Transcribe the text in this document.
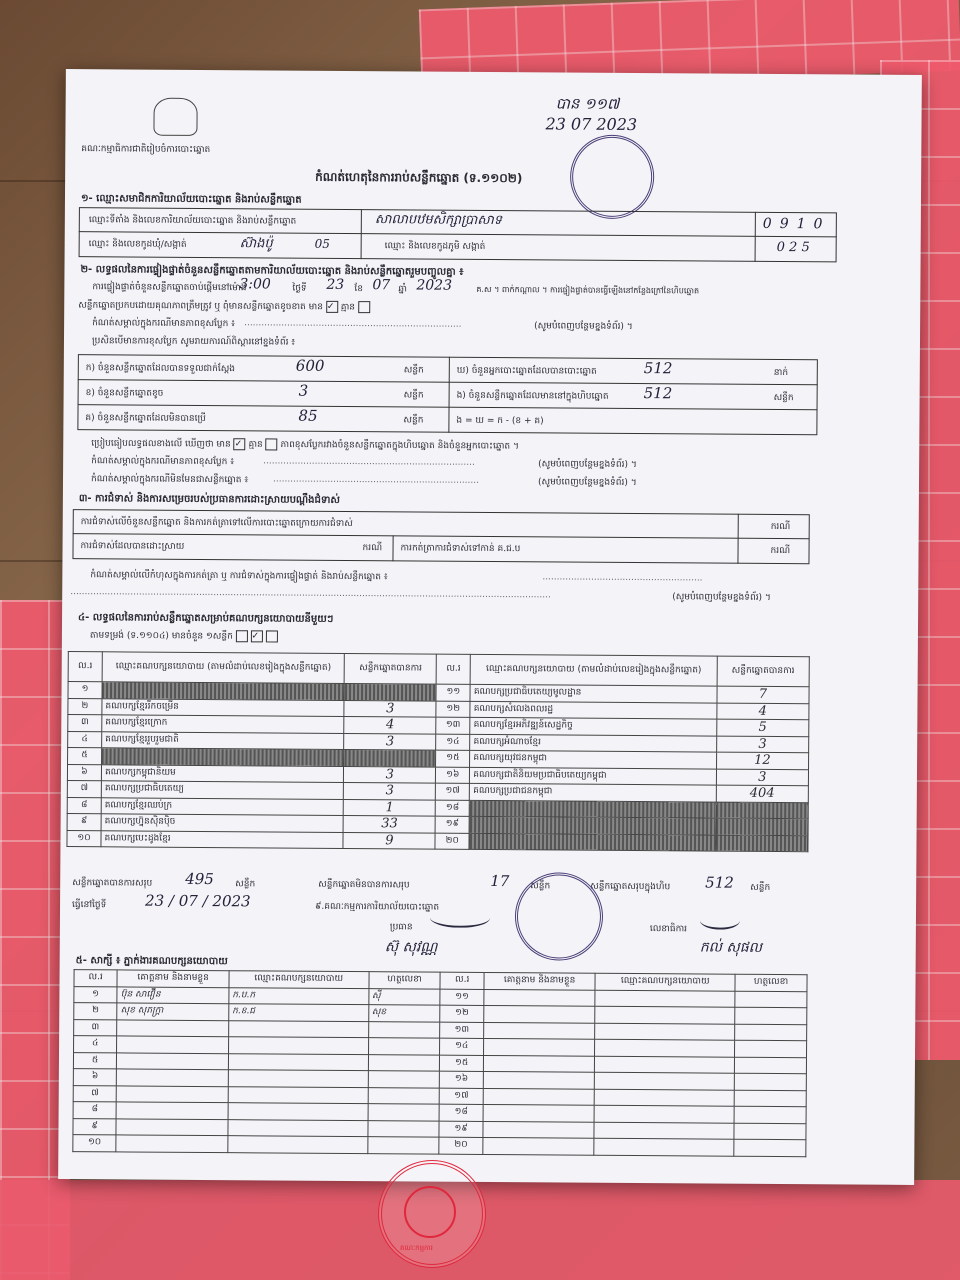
គណៈកម្មាធិការជាតិរៀបចំការបោះឆ្នោត
បាន ១១៧
23 07 2023
កំណត់ហេតុនៃការរាប់សន្លឹកឆ្នោត (ទ.១១០២)
១- ឈ្មោះសមាជិកការិយាល័យបោះឆ្នោត និងរាប់សន្លឹកឆ្នោត
ឈ្មោះទីតាំង និងលេខការិយាល័យបោះឆ្នោត និងរាប់សន្លឹកឆ្នោត	សាលាបឋមសិក្សាប្រាសាទ
ឈ្មោះ និងលេខកូដឃុំ/សង្កាត់	ស៊ាងប៉ូ	05	ឈ្មោះ និងលេខកូដភូមិ សង្កាត់
0910
0 2 5
២- លទ្ធផលនៃការផ្ទៀងផ្ទាត់ចំនួនសន្លឹកឆ្នោតតាមការិយាល័យបោះឆ្នោត និងរាប់សន្លឹកឆ្នោតរួមបញ្ចូលគ្នា ៖
ការផ្ទៀងផ្ទាត់ចំនួនសន្លឹកឆ្នោតចាប់ផ្តើមនៅម៉ោង
3:00 ថ្ងៃទី 23 ខែ 07 ឆ្នាំ 2023	គ.ស ។ ពាក់កណ្ដាល ។ ការផ្ទៀងផ្ទាត់បានធ្វើឡើងនៅកន្លែងក្រៅនៃហិបឆ្នោត
សន្លឹកឆ្នោតប្រកបដោយគុណភាពត្រឹមត្រូវ ឬ ពុំមានសន្លឹកឆ្នោតខូចខាត មាន ✓ គ្មាន
កំណត់សម្គាល់ក្នុងករណីមានភាពខុសប្លែក ៖ ............................................................................	(សូមបំពេញបន្ថែមខ្នងទំព័រ) ។
ប្រសិនបើមានការខុសប្លែក សូមរាយការណ៍ពិស្ដារនៅខ្នងទំព័រ ៖
ក) ចំនួនសន្លឹកឆ្នោតដែលបានទទួលជាក់ស្តែង	600	សន្លឹក
ខ) ចំនួនសន្លឹកឆ្នោតខូច	3	សន្លឹក
គ) ចំនួនសន្លឹកឆ្នោតដែលមិនបានប្រើ	85	សន្លឹក
ឃ) ចំនួនអ្នកបោះឆ្នោតដែលបានបោះឆ្នោត	512	នាក់
ង) ចំនួនសន្លឹកឆ្នោតដែលមាននៅក្នុងហិបឆ្នោត 512	សន្លឹក
ង = ឃ = ក - (ខ + គ)
ប្រៀបធៀបលទ្ធផលខាងលើ ឃើញថា មាន ✓ គ្មាន ភាពខុសប្លែករវាងចំនួនសន្លឹកឆ្នោតក្នុងហិបឆ្នោត និងចំនួនអ្នកបោះឆ្នោត ។
កំណត់សម្គាល់ក្នុងករណីមានភាពខុសប្លែក ៖	..........................................................................	(សូមបំពេញបន្ថែមខ្នងទំព័រ) ។
កំណត់សម្គាល់ក្នុងករណីមិនមែនជាសន្លឹកឆ្នោត ៖	........................................................................	(សូមបំពេញបន្ថែមខ្នងទំព័រ) ។
៣- ការជំទាស់ និងការសម្រេចរបស់ប្រធានការដោះស្រាយបណ្ដឹងជំទាស់
ការជំទាស់លើចំនួនសន្លឹកឆ្នោត និងការកត់ត្រាទៅលើការបោះឆ្នោតក្រោយការជំទាស់	ករណី
ការជំទាស់ដែលបានដោះស្រាយ	ករណី ការកត់ត្រាការជំទាស់ទៅកាន់ គ.ជ.ប	ករណី
កំណត់សម្គាល់លើកំហុសក្នុងការកត់ត្រា ឬ ការជំទាស់ក្នុងការផ្ទៀងផ្ទាត់ និងរាប់សន្លឹកឆ្នោត ៖	........................................................
........................................................................................................................................................................	(សូមបំពេញបន្ថែមខ្នងទំព័រ) ។
៤- លទ្ធផលនៃការរាប់សន្លឹកឆ្នោតសម្រាប់គណបក្សនយោបាយនីមួយៗ
តាមទម្រង់ (ទ.១១០៤) មានចំនួន ១សន្លឹក ✓
ល.រ	ឈ្មោះគណបក្សនយោបាយ (តាមលំដាប់លេខរៀងក្នុងសន្លឹកឆ្នោត)	សន្លឹកឆ្នោតបានការ	ល.រ	ឈ្មោះគណបក្សនយោបាយ (តាមលំដាប់លេខរៀងក្នុងសន្លឹកឆ្នោត)	សន្លឹកឆ្នោតបានការ
១			១១	គណបក្សប្រជាធិបតេយ្យមូលដ្ឋាន	7
២	គណបក្សខ្មែររីកចម្រើន	3	១២	គណបក្សសំលេងពលរដ្ឋ	4
៣	គណបក្សខ្មែរក្រោក	4	១៣	គណបក្សខ្មែរអភិវឌ្ឍន៍សេដ្ឋកិច្ច	5
៤	គណបក្សខ្មែររួបរួមជាតិ	3	១៤	គណបក្សអំណាចខ្មែរ	3
៥			១៥	គណបក្សយុវជនកម្ពុជា	12
៦	គណបក្សកម្ពុជានិយម	3	១៦	គណបក្សជាតិនិយមប្រជាធិបតេយ្យកម្ពុជា	3
៧	គណបក្សប្រជាធិបតេយ្យ	3	១៧	គណបក្សប្រជាជនកម្ពុជា	404
៨	គណបក្សខ្មែរឈប់ក្រ	1	១៨		
៩	គណបក្សហ្វ៊ុនស៊ិនប៉ិច	33	១៩		
១០	គណបក្សបេះដូងខ្មែរ	9	២០		
សន្លឹកឆ្នោតបានការសរុប 495 សន្លឹក	សន្លឹកឆ្នោតមិនបានការសរុប	17 សន្លឹក	សន្លឹកឆ្នោតសរុបក្នុងហិប 512 សន្លឹក
ធ្វើនៅថ្ងៃទី	23 / 07 / 2023	៩.គណៈកម្មការការិយាល័យបោះឆ្នោត
ប្រធាន
ស៊ុ សុវណ្ណ
លេខាធិការ
កល់ សុផល
៥- សាក្សី ៖ ភ្នាក់ងារគណបក្សនយោបាយ
ល.រ	គោត្តនាម និងនាមខ្លួន	ឈ្មោះគណបក្សនយោបាយ	ហត្ថលេខា	ល.រ	គោត្តនាម និងនាមខ្លួន	ឈ្មោះគណបក្សនយោបាយ	ហត្ថលេខា
១	ប៊ុន សាវឿន	ក.ប.ក	ស៊ី	១១			
២	សុខ សុភក្ត្រា	ក.ខ.ជ	សុខ	១២			
៣				១៣			
៤				១៤			
៥				១៥			
៦				១៦			
៧				១៧			
៨				១៨			
៩				១៩			
១០				២០			
គណៈកម្មការ
